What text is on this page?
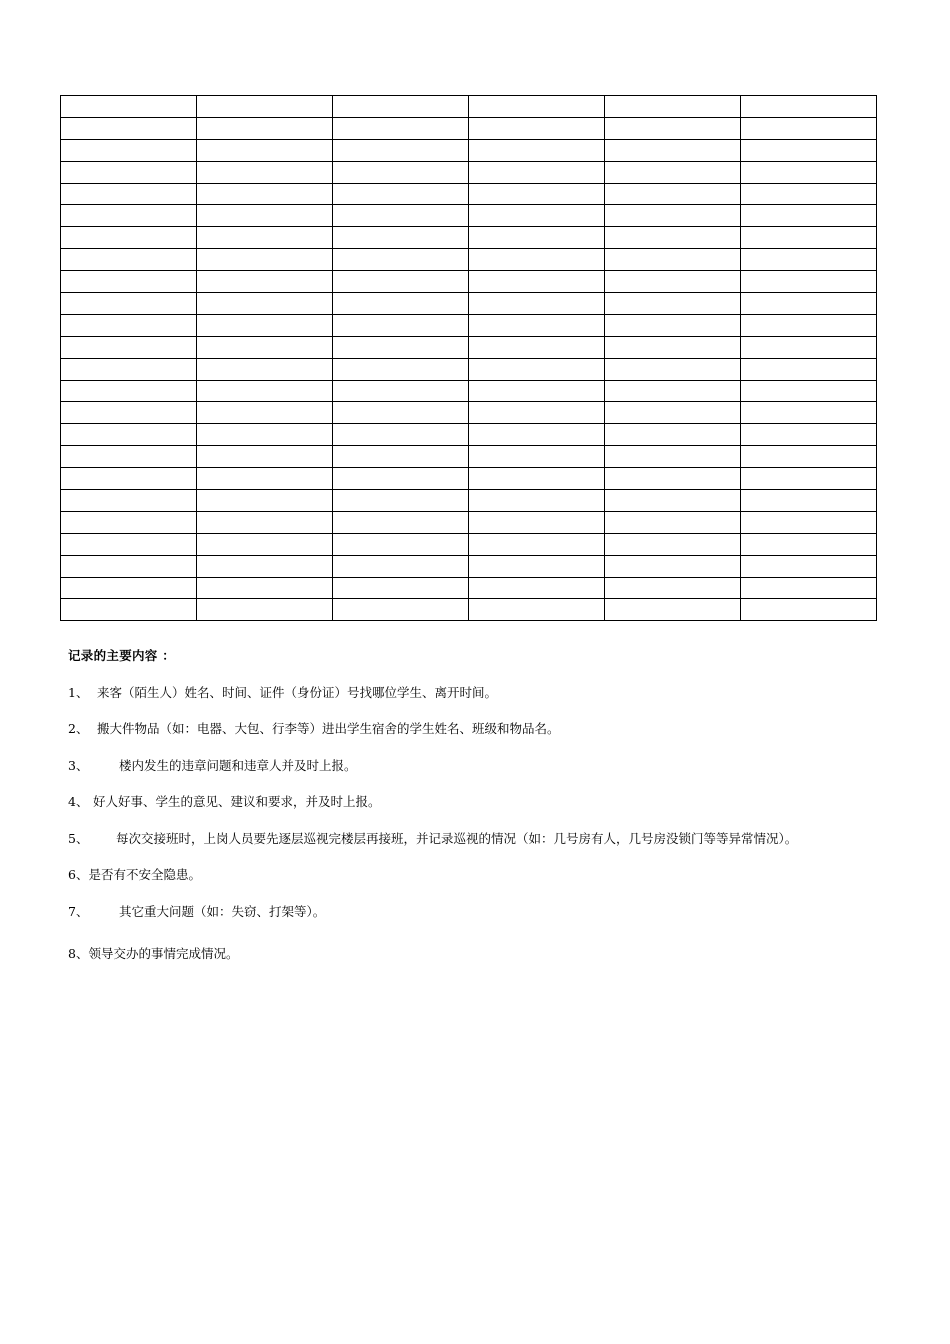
记录的主要内容 ：
1、 来客（陌生人）姓名、时间、证件（身份证）号找哪位学生、离开时间。
2、 搬大件物品（如：电器、大包、行李等）进出学生宿舍的学生姓名、班级和物品名。
3、 楼内发生的违章问题和违章人并及时上报。
4、 好人好事、学生的意见、建议和要求，并及时上报。
5、 每次交接班时，上岗人员要先逐层巡视完楼层再接班，并记录巡视的情况（如：几号房有人，几号房没锁门等等异常情况）。
6、是否有不安全隐患。
7、 其它重大问题（如：失窃、打架等）。
8、领导交办的事情完成情况。
